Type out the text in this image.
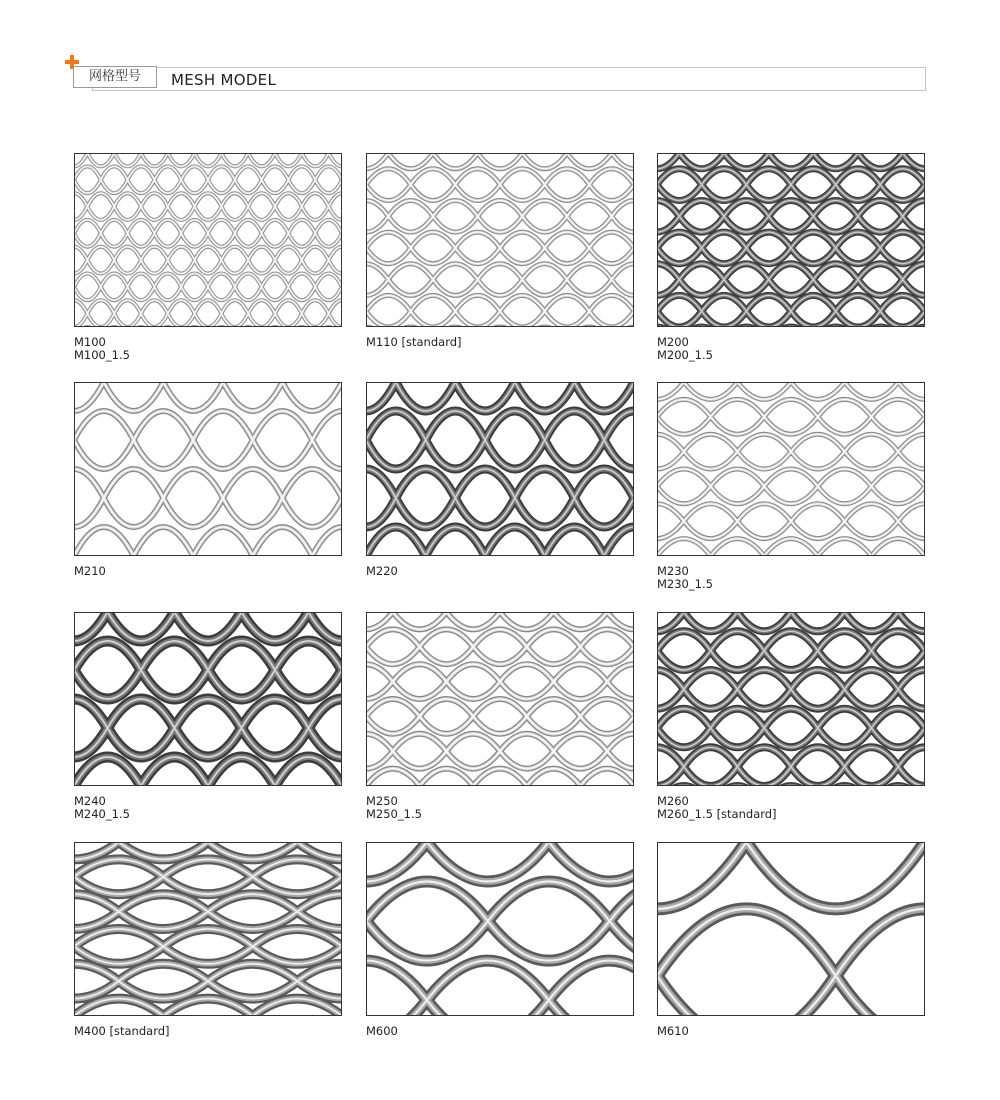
网格型号	MESH MODEL
M100
M100_1.5
M110 [standard]	M200
M200_1.5
M210	M220	M230
M230_1.5
M240
M240_1.5
M250
M250_1.5
M260
M260_1.5 [standard]
M400 [standard]	M600	M610
